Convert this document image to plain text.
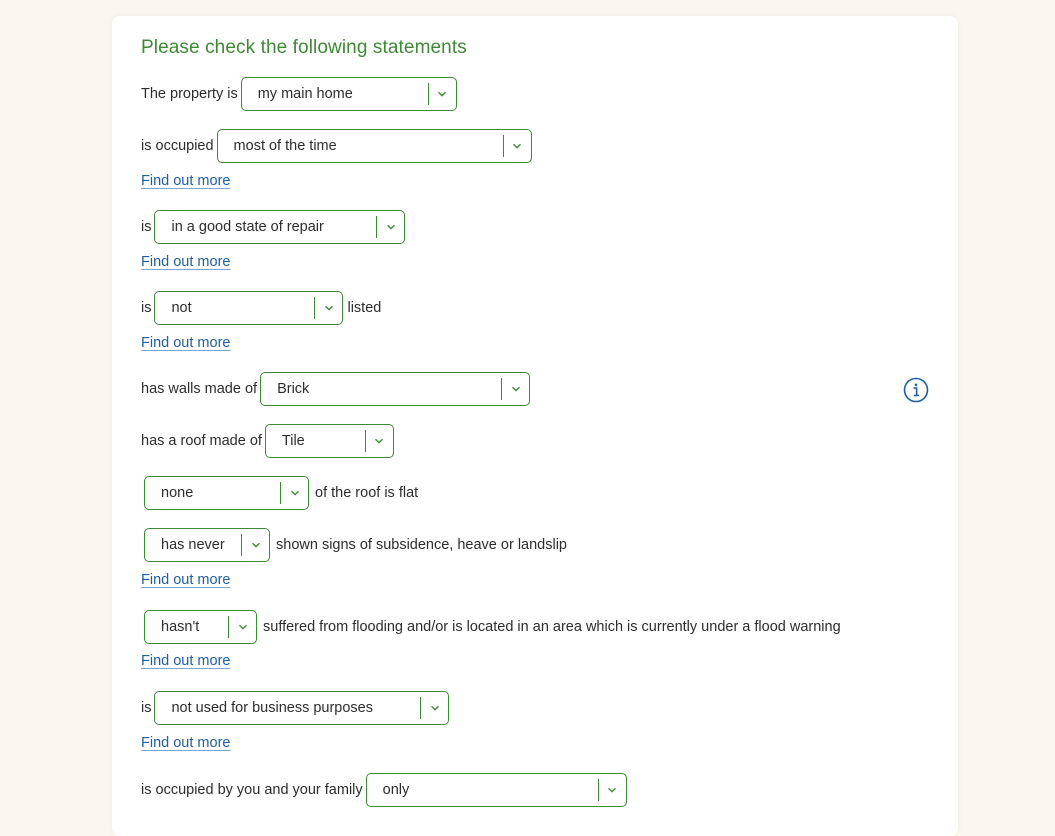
Please check the following statements
The property is	my main home
is occupied	most of the time
Find out more
is	in a good state of repair
Find out more
is	not	listed
Find out more
has walls made of	Brick
has a roof made of	Tile
none	of the roof is flat
has never	shown signs of subsidence, heave or landslip
Find out more
hasn't	suffered from flooding and/or is located in an area which is currently under a flood warning
Find out more
is	not used for business purposes
Find out more
is occupied by you and your family	only
